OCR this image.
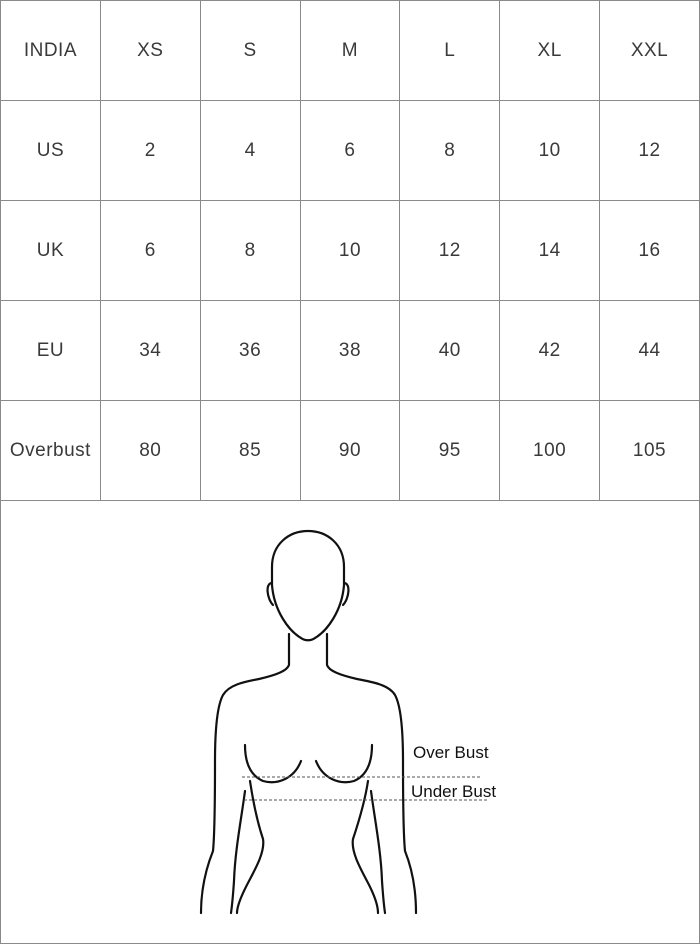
INDIA	XS	S	M	L	XL	XXL
US	2	4	6	8	10	12
UK	6	8	10	12	14	16
EU	34	36	38	40	42	44
Overbust	80	85	90	95	100	105
Over Bust
Under Bust
